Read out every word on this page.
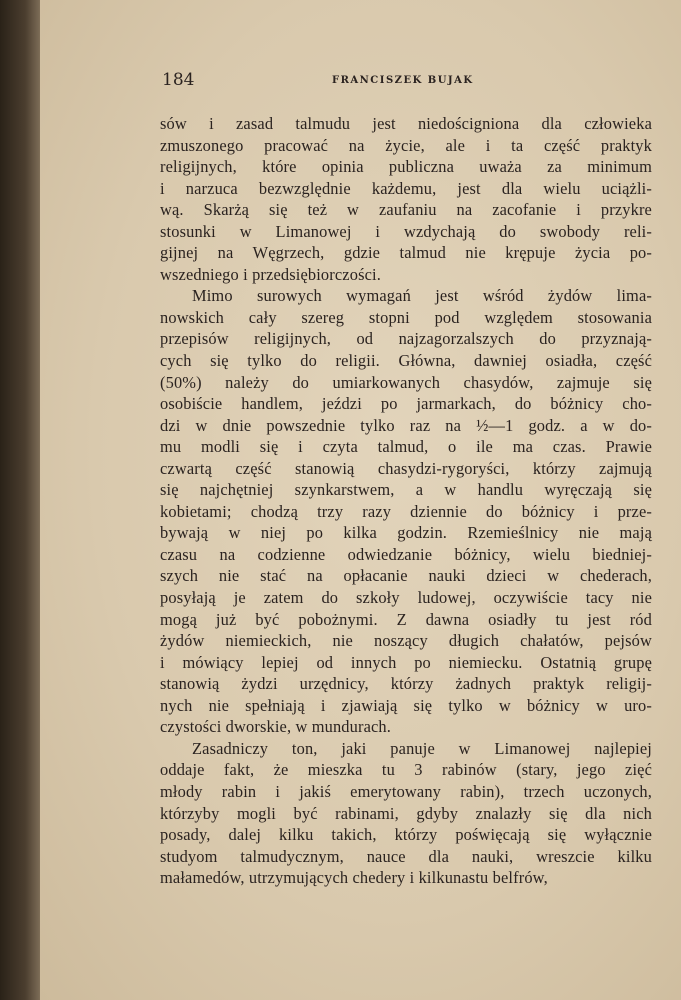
184	FRANCISZEK BUJAK
sów i zasad talmudu jest niedościgniona dla człowieka
zmuszonego pracować na życie, ale i ta część praktyk
religijnych, które opinia publiczna uważa za minimum
i narzuca bezwzględnie każdemu, jest dla wielu uciążli-
wą. Skarżą się też w zaufaniu na zacofanie i przykre
stosunki w Limanowej i wzdychają do swobody reli-
gijnej na Węgrzech, gdzie talmud nie krępuje życia po-
wszedniego i przedsiębiorczości.
Mimo surowych wymagań jest wśród żydów lima-
nowskich cały szereg stopni pod względem stosowania
przepisów religijnych, od najzagorzalszych do przyznają-
cych się tylko do religii. Główna, dawniej osiadła, część
(50%) należy do umiarkowanych chasydów, zajmuje się
osobiście handlem, jeździ po jarmarkach, do bóżnicy cho-
dzi w dnie powszednie tylko raz na ½—1 godz. a w do-
mu modli się i czyta talmud, o ile ma czas. Prawie
czwartą część stanowią chasydzi-rygoryści, którzy zajmują
się najchętniej szynkarstwem, a w handlu wyręczają się
kobietami; chodzą trzy razy dziennie do bóżnicy i prze-
bywają w niej po kilka godzin. Rzemieślnicy nie mają
czasu na codzienne odwiedzanie bóżnicy, wielu biedniej-
szych nie stać na opłacanie nauki dzieci w chederach,
posyłają je zatem do szkoły ludowej, oczywiście tacy nie
mogą już być pobożnymi. Z dawna osiadły tu jest ród
żydów niemieckich, nie noszący długich chałatów, pejsów
i mówiący lepiej od innych po niemiecku. Ostatnią grupę
stanowią żydzi urzędnicy, którzy żadnych praktyk religij-
nych nie spełniają i zjawiają się tylko w bóżnicy w uro-
czystości dworskie, w mundurach.
Zasadniczy ton, jaki panuje w Limanowej najlepiej
oddaje fakt, że mieszka tu 3 rabinów (stary, jego zięć
młody rabin i jakiś emerytowany rabin), trzech uczonych,
którzyby mogli być rabinami, gdyby znalazły się dla nich
posady, dalej kilku takich, którzy poświęcają się wyłącznie
studyom talmudycznym, nauce dla nauki, wreszcie kilku
małamedów, utrzymujących chedery i kilkunastu belfrów,
